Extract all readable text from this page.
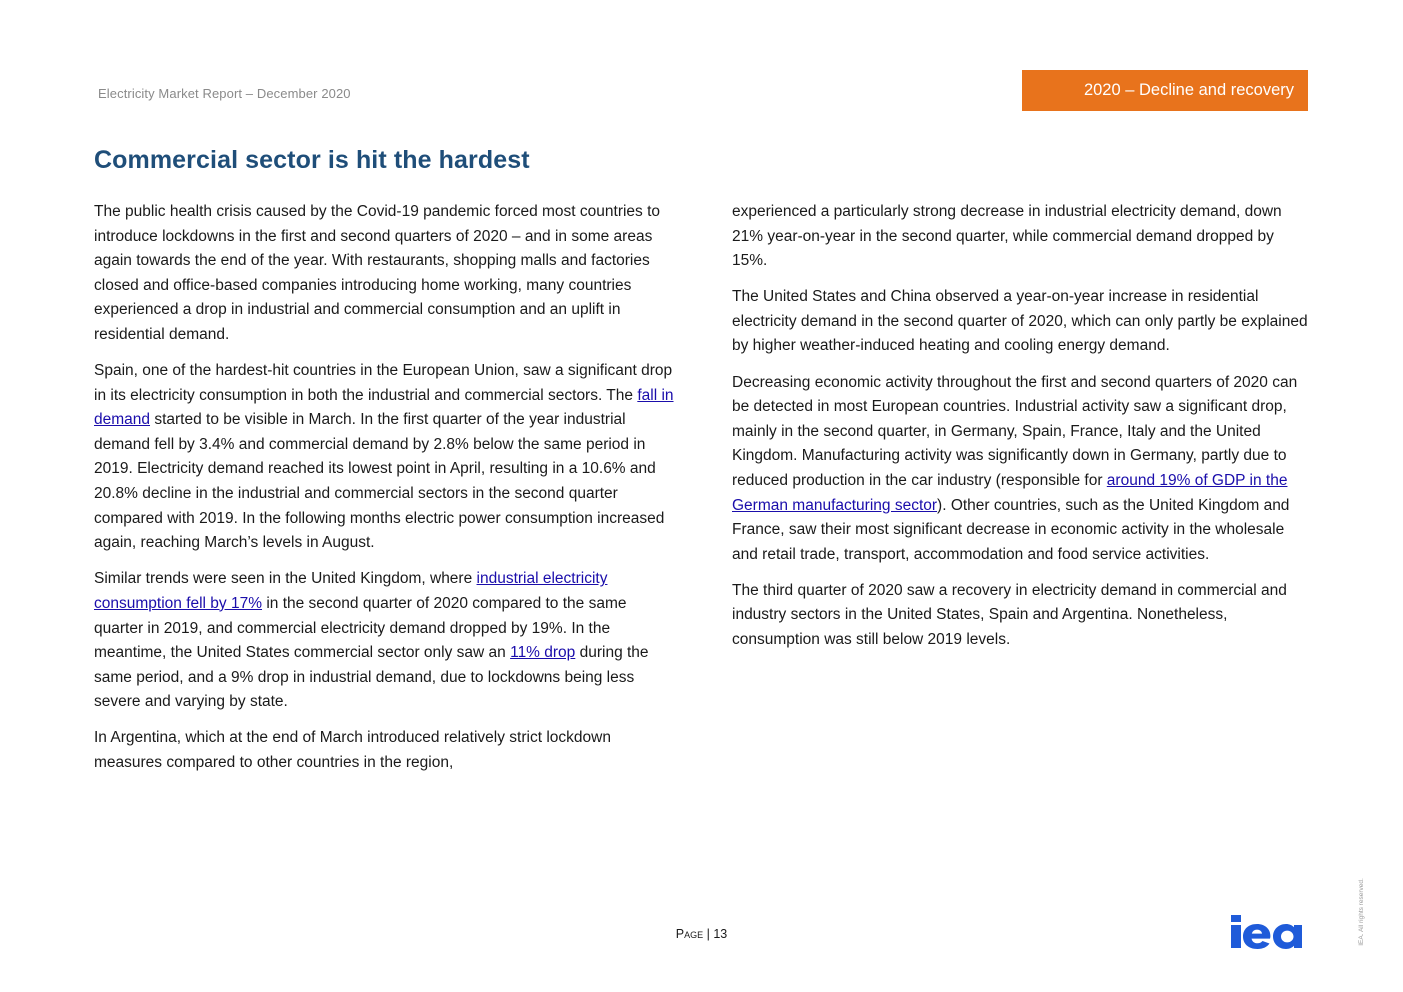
Electricity Market Report – December 2020	2020 – Decline and recovery
Commercial sector is hit the hardest

The public health crisis caused by the Covid-19 pandemic forced most countries to introduce lockdowns in the first and second quarters of 2020 – and in some areas again towards the end of the year. With restaurants, shopping malls and factories closed and office-based companies introducing home working, many countries experienced a drop in industrial and commercial consumption and an uplift in residential demand.

Spain, one of the hardest-hit countries in the European Union, saw a significant drop in its electricity consumption in both the industrial and commercial sectors. The fall in demand started to be visible in March. In the first quarter of the year industrial demand fell by 3.4% and commercial demand by 2.8% below the same period in 2019. Electricity demand reached its lowest point in April, resulting in a 10.6% and 20.8% decline in the industrial and commercial sectors in the second quarter compared with 2019. In the following months electric power consumption increased again, reaching March’s levels in August.

Similar trends were seen in the United Kingdom, where industrial electricity consumption fell by 17% in the second quarter of 2020 compared to the same quarter in 2019, and commercial electricity demand dropped by 19%. In the meantime, the United States commercial sector only saw an 11% drop during the same period, and a 9% drop in industrial demand, due to lockdowns being less severe and varying by state.

In Argentina, which at the end of March introduced relatively strict lockdown measures compared to other countries in the region,

experienced a particularly strong decrease in industrial electricity demand, down 21% year-on-year in the second quarter, while commercial demand dropped by 15%.

The United States and China observed a year-on-year increase in residential electricity demand in the second quarter of 2020, which can only partly be explained by higher weather-induced heating and cooling energy demand.

Decreasing economic activity throughout the first and second quarters of 2020 can be detected in most European countries. Industrial activity saw a significant drop, mainly in the second quarter, in Germany, Spain, France, Italy and the United Kingdom. Manufacturing activity was significantly down in Germany, partly due to reduced production in the car industry (responsible for around 19% of GDP in the German manufacturing sector). Other countries, such as the United Kingdom and France, saw their most significant decrease in economic activity in the wholesale and retail trade, transport, accommodation and food service activities.

The third quarter of 2020 saw a recovery in electricity demand in commercial and industry sectors in the United States, Spain and Argentina. Nonetheless, consumption was still below 2019 levels.

Page | 13	IEA. All rights reserved.
